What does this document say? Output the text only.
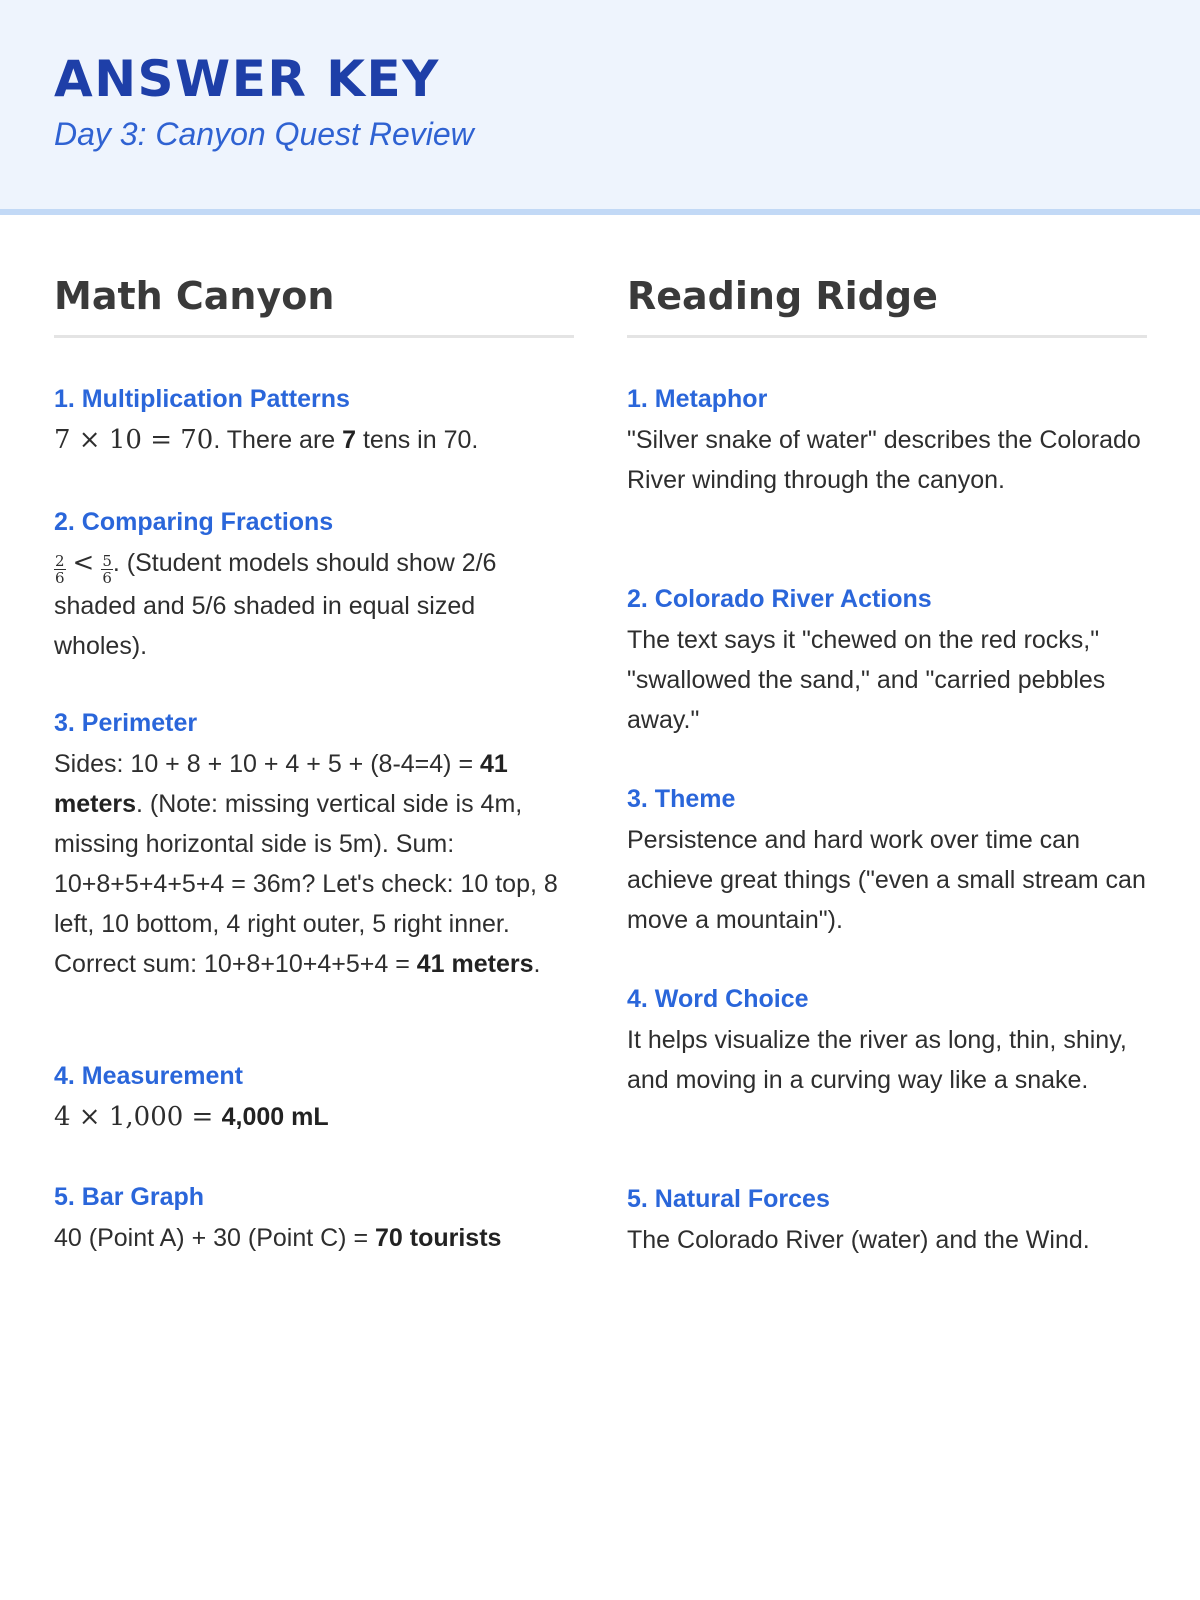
ANSWER KEY
Day 3: Canyon Quest Review
Math Canyon
1. Multiplication Patterns
7 × 10 = 70. There are 7 tens in 70.
2. Comparing Fractions
$\frac{2}{6} < \frac{5}{6}$ . (Student models should show 2/6 shaded and 5/6 shaded in equal sized wholes).
3. Perimeter
Sides: 10 + 8 + 10 + 4 + 5 + (8-4=4) = 41 meters. (Note: missing vertical side is 4m, missing horizontal side is 5m). Sum: 10+8+5+4+5+4 = 36m? Let's check: 10 top, 8 left, 10 bottom, 4 right outer, 5 right inner. Correct sum: 10+8+10+4+5+4 = 41 meters.
4. Measurement
4 × 1,000 = 4,000 mL
5. Bar Graph
40 (Point A) + 30 (Point C) = 70 tourists
Reading Ridge
1. Metaphor
"Silver snake of water" describes the Colorado River winding through the canyon.
2. Colorado River Actions
The text says it "chewed on the red rocks," "swallowed the sand," and "carried pebbles away."
3. Theme
Persistence and hard work over time can achieve great things ("even a small stream can move a mountain").
4. Word Choice
It helps visualize the river as long, thin, shiny, and moving in a curving way like a snake.
5. Natural Forces
The Colorado River (water) and the Wind.
